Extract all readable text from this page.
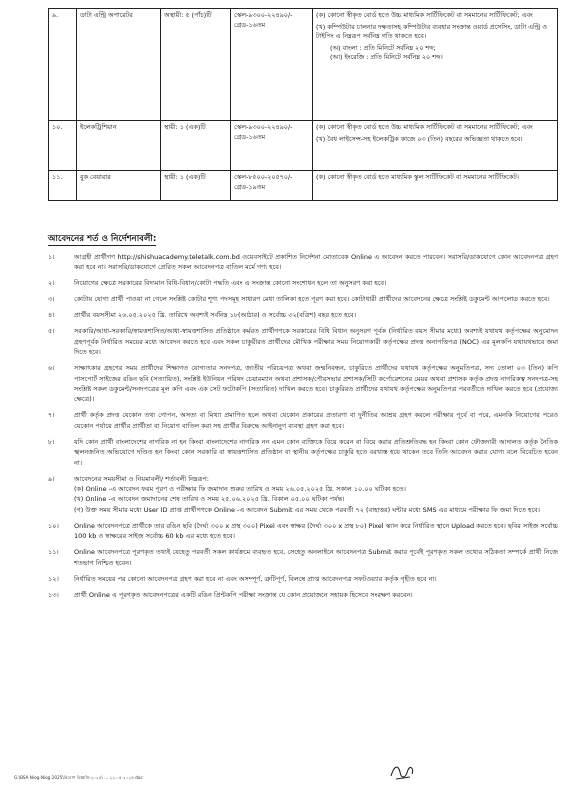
৯.	ডাটা এন্ট্রি অপারেটর	অস্থায়ী: ৫ (পাঁচ)টি	স্কেল-৯৩০০-২২৪৯০/- গ্রেড-১৬তম	(ক) কোনো স্বীকৃত বোর্ড হতে উচ্চ মাধ্যমিক সার্টিফিকেট বা সমমানের সার্টিফিকেট; এবং

(খ) কম্পিউটার চালনার দক্ষতাসহ কম্পিউটার ব্যবহার সংক্রান্ত ওয়ার্ড প্রসেসিং, ডাটা এন্ট্রি ও টাইপিং এ নিম্নরূপ সর্বনিম্ন গতি থাকতে হবে।

(অ) বাংলা : প্রতি মিনিটে সর্বনিম্ন ২০ শব্দ;

(আ) ইংরেজি : প্রতি মিনিটে সর্বনিম্ন ২০ শব্দ।

১০.	ইলেকট্রিশিয়ান	স্থায়ী: ১ (এক)টি	স্কেল-৯৩০০-২২৪৯০/- গ্রেড-১৬তম	(ক) কোনো স্বীকৃত বোর্ড হতে উচ্চ মাধ্যমিক সার্টিফিকেট বা সমমানের সার্টিফিকেট; এবং

(খ) বৈধ লাইসেন্স-সহ ইলেকট্রিক কাজে ০৩ (তিন) বছরের অভিজ্ঞতা থাকতে হবে।

১১.	বুক বেয়ারার	স্থায়ী: ১ (এক)টি	স্কেল-৮৫০০-২০৫৭০/- গ্রেড-১৯তম	(ক) কোনো স্বীকৃত বোর্ড হতে মাধ্যমিক স্কুল সার্টিফিকেট বা সমমানের সার্টিফিকেট।

আবেদনের শর্ত ও নির্দেশনাবলী:
১।	আগ্রহী প্রার্থীগণ http://shishuacademy.teletalk.com.bd ওয়েবসাইটে প্রকাশিত নির্দেশনা মোতাবেক Online এ আবেদন করতে পারবেন। সরাসরি/ডাকযোগে কোন আবেদনপত্র গ্রহণ করা হবে না। সরাসরি/ডাকযোগে প্রেরিত সকল আবেদনপত্র বাতিল মর্মে গণ্য হবে।
২।	নিয়োগের ক্ষেত্রে সরকারের বিদ্যমান বিধি-বিধান/কোটা পদ্ধতি এবং এ সংক্রান্ত কোনো সংশোধন হলে তা অনুসরণ করা হবে।
৩।	কোটায় যোগ্য প্রার্থী পাওয়া না গেলে সংশ্লিষ্ট কোটার শূণ্য পদসমূহ সাধারণ মেধা তালিকা হতে পূরণ করা হবে। কোটাধারী প্রার্থীদের আবেদনের ক্ষেত্রে সংশ্লিষ্ট ডকুমেন্ট আপলোড করতে হবে।
৪।	প্রার্থীর বয়সসীমা ২৬.০৫.২০২৫ খ্রি. তারিখে অবশ্যই সর্বনিম্ন ১৮(আঠার) ও সর্বোচ্চ ৩২(বত্রিশ) বছর হতে হবে।
৫।	সরকারি/আধা-সরকারি/স্বায়ত্তশাসিত/আধা-স্বায়ত্তশাসিত প্রতিষ্ঠানে কর্মরত প্রার্থীগণকে সরকারের বিধি বিধান অনুসরণ পূর্বক (নির্ধারিত বয়স সীমার মধ্যে) অবশ্যই যথাযথ কর্তৃপক্ষের অনুমোদন গ্রহণপূর্বক নির্ধারিত সময়ের মধ্যে আবেদন করতে হবে এবং সকল চাকুরীরত প্রার্থীদের মৌখিক পরীক্ষার সময় নিয়োগকারী কর্তৃপক্ষের প্রদত্ত অনাপত্তিপত্র (NOC) এর মূলকপি যথাযথভাবে জমা দিতে হবে।
৬।	সাক্ষাৎকার গ্রহণের সময় প্রার্থীদের শিক্ষাগত যোগ্যতার সনদপত্র, জাতীয় পরিচয়পত্র অথবা জন্মনিবন্ধন, চাকুরিতে প্রার্থীদের যথাযথ কর্তৃপক্ষের অনুমতিপত্র, সদ্য তোলা ০৩ (তিন) কপি পাসপোর্ট সাইজের রঙিন ছবি (সত্যায়িত), সংশ্লিষ্ট ইউনিয়ন পরিষদ চেয়ারম্যান অথবা প্রশাসক/পৌরসভার প্রশাসক/সিটি কর্পোরেশনের মেয়র অথবা প্রশাসক কর্তৃক প্রদত্ত নাগরিকত্ব সনদপত্র-সহ সংশ্লিষ্ট সকল ডকুমেন্ট/সনদপত্রের মূল কপি এবং এক সেট ফটোকপি (সত্যায়িত) দাখিল করতে হবে। চাকুরিরত প্রার্থীদের যথাযথ কর্তৃপক্ষের অনুমতিপত্র পরবর্তীতে দাখিল করতে হবে (প্রযোজ্য ক্ষেত্রে)।
৭।	প্রার্থী কর্তৃক প্রদত্ত যেকোন তথ্য গোপন, অসত্য বা মিথ্যা প্রমাণিত হলে অথবা যেকোন প্রকারের প্রতারণা বা দুর্নীতির আশ্রয় গ্রহণ করলে পরীক্ষার পূর্বে বা পরে, এমনকি নিয়োগের পরেও যেকোন পর্যায়ে প্রার্থীর প্রার্থীতা বা নিয়োগ বাতিল করা সহ প্রার্থীর বিরুদ্ধে আইনানুগ ব্যবস্থা গ্রহণ করা হবে।
৮।	যদি কোন প্রার্থী বাংলাদেশের নাগরিক না হন কিংবা বাংলাদেশের নাগরিক নন এমন কোন ব্যক্তিকে বিয়ে করেন বা বিয়ে করার প্রতিশ্রুতিবদ্ধ হন কিংবা কোন ফৌজদারী আদালত কর্তৃক নৈতিক স্খলনজনিত অভিযোগে দণ্ডিত হন কিংবা কোন সরকারি বা স্বায়ত্তশাসিত প্রতিষ্ঠান বা স্থানীয় কর্তৃপক্ষের চাকুরি হতে বরখাস্ত হয়ে থাকেন তবে তিনি আবেদন করার যোগ্য বলে বিবেচিত হবেন না।
৯।	আবেদনের সময়সীমা ও নিয়মাবলী/ শর্তাবলী নিম্নরূপ:
(ক) Online -এ আবেদন ফরম পূরণ ও পরীক্ষার ফি জমাদান শুরুর তারিখ ও সময় ২৬.০৫.২০২৫ খ্রি. সকাল ১০.০০ ঘটিকা হতে।
(খ) Online -এ আবেদন জমাদানের শেষ তারিখ ও সময় ২৫.০৬.২০২৫ খ্রি. বিকাল ০৫.০০ ঘটিকা পর্যন্ত।
(গ) উক্ত সময় সীমার মধ্যে User ID প্রাপ্ত প্রার্থীগণকে Online -এ আবেদন Submit এর সময় থেকে পরবর্তী ৭২ (বাহাত্তর) ঘন্টার মধ্যে SMS এর মাধ্যমে পরীক্ষার ফি জমা দিতে হবে।
১০।	Online আবেদনপত্রে প্রার্থীকে তার রঙিন ছবি (দৈর্ঘ্য ৩০০ x প্রস্থ ৩০০) Pixel এবং স্বাক্ষর (দৈর্ঘ্য ৩০০ x প্রস্থ ৮০) Pixel স্ক্যান করে নির্ধারিত স্থানে Upload করতে হবে। ছবির সাইজ সর্বোচ্চ 100 kb ও স্বাক্ষরের সাইজ সর্বোচ্চ 60 kb এর মধ্যে হতে হবে।
১১।	Online আবেদনপত্রে পূরণকৃত তথ্যই যেহেতু পরবর্তী সকল কার্যক্রমে ব্যবহৃত হবে, সেহেতু অনলাইনে আবেদনপত্র Submit করার পূর্বেই পূরণকৃত সকল তথ্যের সঠিকতা সম্পর্কে প্রার্থী নিজে শতভাগ নিশ্চিত হবেন।
১২।	নির্ধারিত সময়ের পর কোনো আবেদনপত্র গ্রহণ করা হবে না এবং অসম্পূর্ণ, ত্রুটিপূর্ণ, বিলম্বে প্রাপ্ত আবেদনপত্র সফটওয়্যার কর্তৃক গৃহীত হবে না।
১৩।	প্রার্থী Online এ পূরণকৃত আবেদনপত্রের একটি রঙিন প্রিন্টকপি পরীক্ষা সংক্রান্ত যে কোন প্রয়োজনে সহায়ক হিসেবে সংরক্ষণ করবেন।
G:\BSA Niog-Niog 2025\নিয়োগ বিজ্ঞপ্তি-২০২৫\ ... ২২.০৫.২০২৫.doc
